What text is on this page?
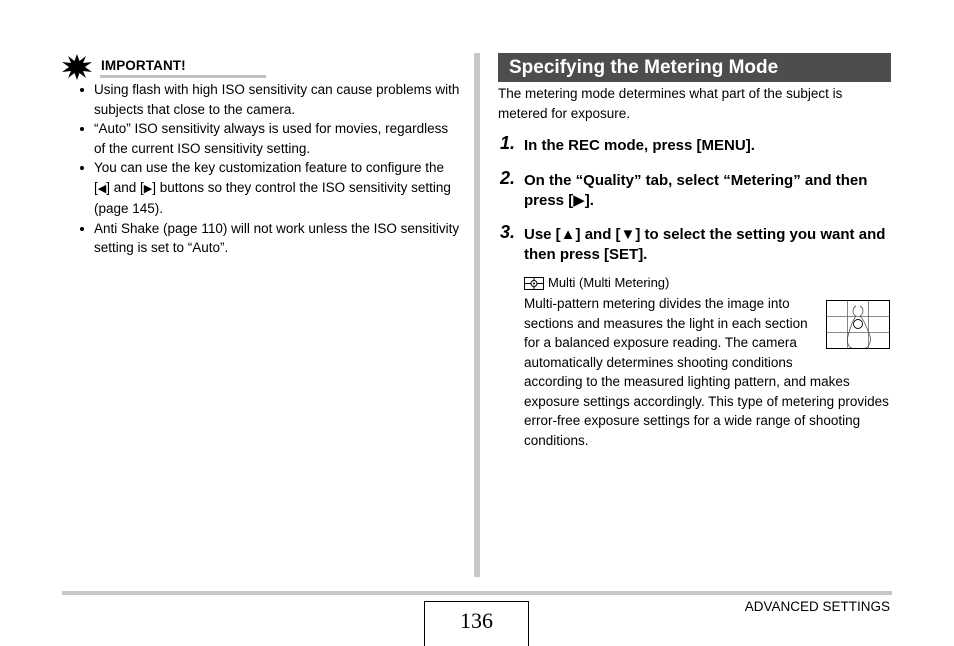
IMPORTANT!
Using flash with high ISO sensitivity can cause problems with subjects that close to the camera.
“Auto” ISO sensitivity always is used for movies, regardless of the current ISO sensitivity setting.
You can use the key customization feature to configure the [◀] and [▶] buttons so they control the ISO sensitivity setting (page 145).
Anti Shake (page 110) will not work unless the ISO sensitivity setting is set to “Auto”.
Specifying the Metering Mode
The metering mode determines what part of the subject is metered for exposure.
1. In the REC mode, press [MENU].
2. On the “Quality” tab, select “Metering” and then press [▶].
3. Use [▲] and [▼] to select the setting you want and then press [SET].
Multi (Multi Metering)
Multi-pattern metering divides the image into sections and measures the light in each section for a balanced exposure reading. The camera automatically determines shooting conditions according to the measured lighting pattern, and makes exposure settings accordingly. This type of metering provides error-free exposure settings for a wide range of shooting conditions.
136
ADVANCED SETTINGS
